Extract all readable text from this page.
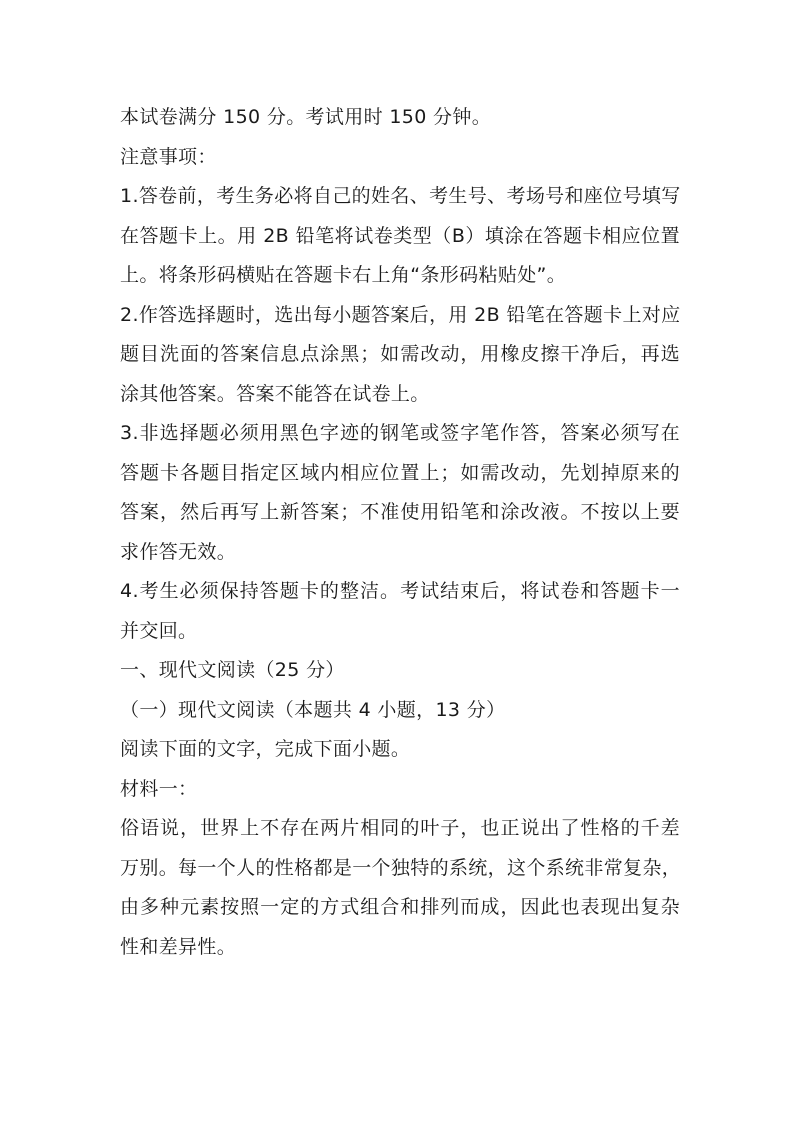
本试卷满分 150 分。考试用时 150 分钟。
注意事项：
1.答卷前，考生务必将自己的姓名、考生号、考场号和座位号填写
在答题卡上。用 2B 铅笔将试卷类型（B）填涂在答题卡相应位置
上。将条形码横贴在答题卡右上角“条形码粘贴处”。
2.作答选择题时，选出每小题答案后，用 2B 铅笔在答题卡上对应
题目洗面的答案信息点涂黑；如需改动，用橡皮擦干净后，再选
涂其他答案。答案不能答在试卷上。
3.非选择题必须用黑色字迹的钢笔或签字笔作答，答案必须写在
答题卡各题目指定区域内相应位置上；如需改动，先划掉原来的
答案，然后再写上新答案；不准使用铅笔和涂改液。不按以上要
求作答无效。
4.考生必须保持答题卡的整洁。考试结束后，将试卷和答题卡一
并交回。
一、现代文阅读（25 分）
（一）现代文阅读（本题共 4 小题，13 分）
阅读下面的文字，完成下面小题。
材料一：
俗语说，世界上不存在两片相同的叶子，也正说出了性格的千差
万别。每一个人的性格都是一个独特的系统，这个系统非常复杂，
由多种元素按照一定的方式组合和排列而成，因此也表现出复杂
性和差异性。
